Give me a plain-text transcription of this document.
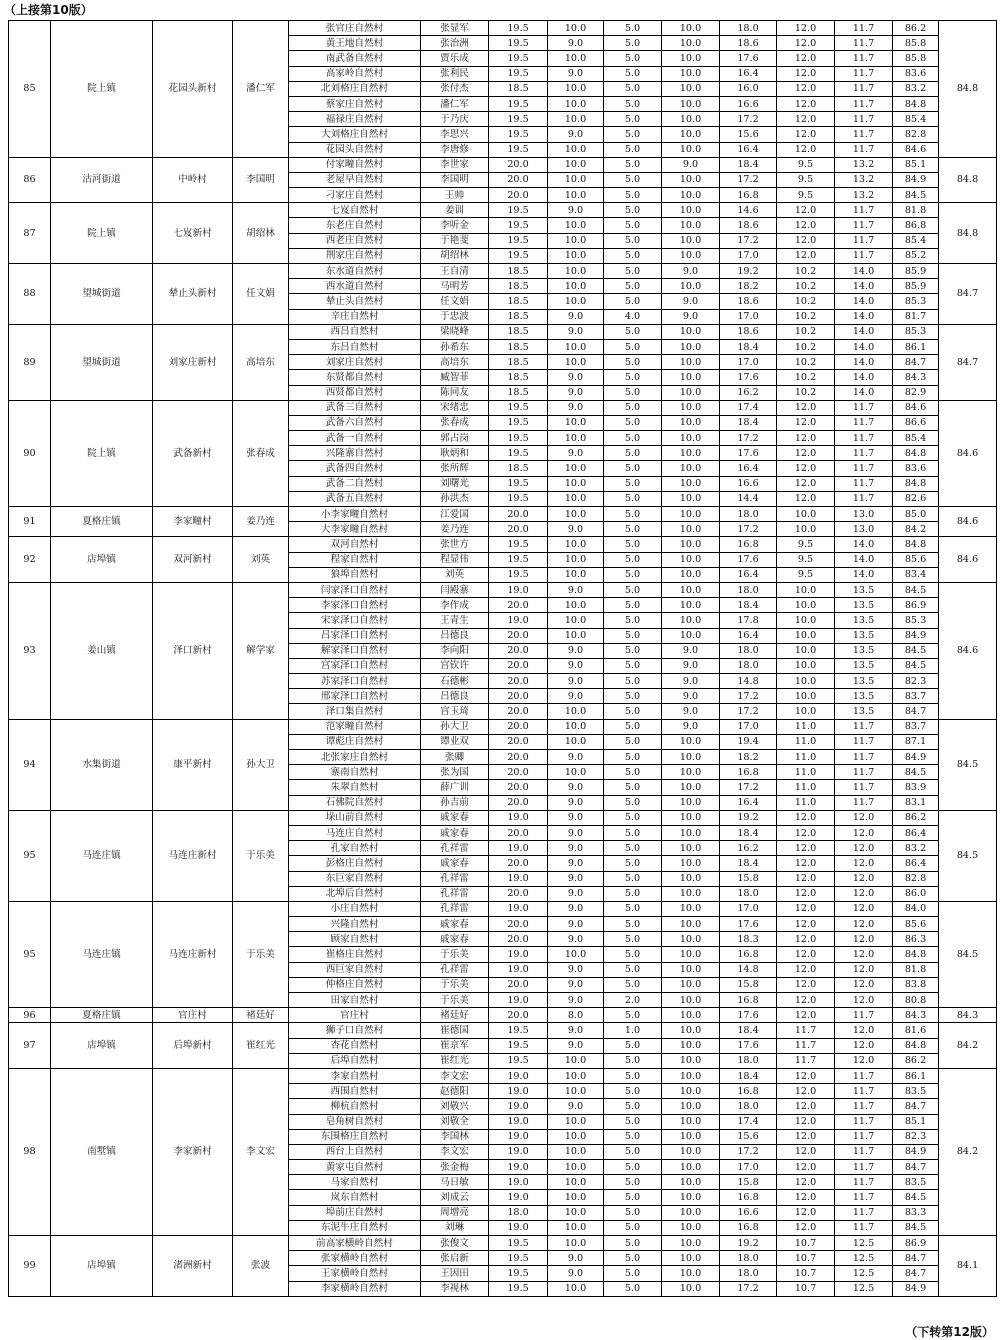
（上接第10版）
85	院上镇	花园头新村	潘仁军	张官庄自然村	张显军	19.5	10.0	5.0	10.0	18.0	12.0	11.7	86.2	84.8
				黄王地自然村	张治洲	19.5	9.0	5.0	10.0	18.6	12.0	11.7	85.8	
				南武备自然村	贾乐成	19.5	10.0	5.0	10.0	17.6	12.0	11.7	85.8	
				高家岭自然村	张利民	19.5	9.0	5.0	10.0	16.4	12.0	11.7	83.6	
				北刘格庄自然村	张付杰	18.5	10.0	5.0	10.0	16.0	12.0	11.7	83.2	
				蔡家庄自然村	潘仁军	19.5	10.0	5.0	10.0	16.6	12.0	11.7	84.8	
				福禄庄自然村	于乃庆	19.5	10.0	5.0	10.0	17.2	12.0	11.7	85.4	
				大刘格庄自然村	李思兴	19.5	9.0	5.0	10.0	15.6	12.0	11.7	82.8	
				花园头自然村	李唐修	19.5	10.0	5.0	10.0	16.4	12.0	11.7	84.6	
86	沽河街道	中岭村	李国明	付家疃自然村	李世家	20.0	10.0	5.0	9.0	18.4	9.5	13.2	85.1	84.8
				老屋早自然村	李国明	20.0	10.0	5.0	10.0	17.2	9.5	13.2	84.9	
				刁家庄自然村	王帅	20.0	10.0	5.0	10.0	16.8	9.5	13.2	84.5	
87	院上镇	七岌新村	胡绍林	七岌自然村	姜训	19.5	9.0	5.0	10.0	14.6	12.0	11.7	81.8	84.8
				东老庄自然村	李听金	19.5	10.0	5.0	10.0	18.6	12.0	11.7	86.8	
				西老庄自然村	于艳斐	19.5	10.0	5.0	10.0	17.2	12.0	11.7	85.4	
				荆家庄自然村	胡绍林	19.5	10.0	5.0	10.0	17.0	12.0	11.7	85.2	
88	望城街道	辇止头新村	任文娟	东水道自然村	王自清	18.5	10.0	5.0	9.0	19.2	10.2	14.0	85.9	84.7
				西水道自然村	马明芳	18.5	10.0	5.0	10.0	18.2	10.2	14.0	85.9	
				辇止头自然村	任文娟	18.5	10.0	5.0	9.0	18.6	10.2	14.0	85.3	
				辛庄自然村	于忠波	18.5	9.0	4.0	9.0	17.0	10.2	14.0	81.7	
89	望城街道	刘家庄新村	高培东	西吕自然村	梁晓峰	18.5	9.0	5.0	10.0	18.6	10.2	14.0	85.3	84.7
				东吕自然村	孙希东	18.5	10.0	5.0	10.0	18.4	10.2	14.0	86.1	
				刘家庄自然村	高培东	18.5	10.0	5.0	10.0	17.0	10.2	14.0	84.7	
				东贤都自然村	臧智菲	18.5	9.0	5.0	10.0	17.6	10.2	14.0	84.3	
				西贤都自然村	陈同友	18.5	9.0	5.0	10.0	16.2	10.2	14.0	82.9	
90	院上镇	武备新村	张春成	武备三自然村	宋绪忠	19.5	9.0	5.0	10.0	17.4	12.0	11.7	84.6	84.6
				武备六自然村	张春成	19.5	10.0	5.0	10.0	18.4	12.0	11.7	86.6	
				武备一自然村	郭占岗	19.5	10.0	5.0	10.0	17.2	12.0	11.7	85.4	
				兴隆寨自然村	耿炳和	19.5	9.0	5.0	10.0	17.6	12.0	11.7	84.8	
				武备四自然村	张所辉	18.5	10.0	5.0	10.0	16.4	12.0	11.7	83.6	
				武备二自然村	刘曙光	19.5	10.0	5.0	10.0	16.6	12.0	11.7	84.8	
				武备五自然村	孙洪杰	19.5	10.0	5.0	10.0	14.4	12.0	11.7	82.6	
91	夏格庄镇	李家疃村	姜乃连	小李家疃自然村	江爱国	20.0	10.0	5.0	10.0	18.0	10.0	13.0	85.0	84.6
				大李家疃自然村	姜乃连	20.0	9.0	5.0	10.0	17.2	10.0	13.0	84.2	
92	店埠镇	双河新村	刘英	双河自然村	张世方	19.5	10.0	5.0	10.0	16.8	9.5	14.0	84.8	84.6
				程家自然村	程显伟	19.5	10.0	5.0	10.0	17.6	9.5	14.0	85.6	
				狼埠自然村	刘英	19.5	10.0	5.0	10.0	16.4	9.5	14.0	83.4	
93	姜山镇	泽口新村	解学家	闫家泽口自然村	闫殿寨	19.0	9.0	5.0	10.0	18.0	10.0	13.5	84.5	84.6
				李家泽口自然村	李作成	20.0	10.0	5.0	10.0	18.4	10.0	13.5	86.9	
				宋家泽口自然村	王青生	19.0	10.0	5.0	10.0	17.8	10.0	13.5	85.3	
				吕家泽口自然村	吕德良	20.0	10.0	5.0	10.0	16.4	10.0	13.5	84.9	
				解家泽口自然村	李向阳	20.0	9.0	5.0	9.0	18.0	10.0	13.5	84.5	
				宫家泽口自然村	宫钦许	20.0	9.0	5.0	9.0	18.0	10.0	13.5	84.5	
				苏家泽口自然村	石德彬	20.0	9.0	5.0	9.0	14.8	10.0	13.5	82.3	
				邢家泽口自然村	吕德良	20.0	9.0	5.0	9.0	17.2	10.0	13.5	83.7	
				泽口集自然村	宫玉琦	20.0	10.0	5.0	9.0	17.2	10.0	13.5	84.7	
94	水集街道	康平新村	孙大卫	范家疃自然村	孙大卫	20.0	10.0	5.0	9.0	17.0	11.0	11.7	83.7	84.5
				谭彪庄自然村	谭业双	20.0	10.0	5.0	10.0	19.4	11.0	11.7	87.1	
				北张家庄自然村	张卿	20.0	9.0	5.0	10.0	18.2	11.0	11.7	84.9	
				寨南自然村	张为国	20.0	10.0	5.0	10.0	16.8	11.0	11.7	84.5	
				朱翠自然村	薛广训	20.0	9.0	5.0	10.0	17.2	11.0	11.7	83.9	
				石佛院自然村	孙吉前	20.0	9.0	5.0	10.0	16.4	11.0	11.7	83.1	
95	马连庄镇	马连庄新村	于乐美	垛山前自然村	戚家春	19.0	9.0	5.0	10.0	19.2	12.0	12.0	86.2	84.5
				马连庄自然村	戚家春	20.0	9.0	5.0	10.0	18.4	12.0	12.0	86.4	
				孔家自然村	孔祥雷	19.0	9.0	5.0	10.0	16.2	12.0	12.0	83.2	
				彭格庄自然村	戚家春	20.0	9.0	5.0	10.0	18.4	12.0	12.0	86.4	
				东巨家自然村	孔祥雷	19.0	9.0	5.0	10.0	15.8	12.0	12.0	82.8	
				北埠后自然村	孔祥雷	20.0	9.0	5.0	10.0	18.0	12.0	12.0	86.0	
95	马连庄镇	马连庄新村	于乐美	小庄自然村	孔祥雷	19.0	9.0	5.0	10.0	17.0	12.0	12.0	84.0	84.5
				兴隆自然村	戚家春	20.0	9.0	5.0	10.0	17.6	12.0	12.0	85.6	
				顾家自然村	戚家春	20.0	9.0	5.0	10.0	18.3	12.0	12.0	86.3	
				崔格庄自然村	于乐美	19.0	10.0	5.0	10.0	16.8	12.0	12.0	84.8	
				西巨家自然村	孔祥雷	19.0	9.0	5.0	10.0	14.8	12.0	12.0	81.8	
				仲格庄自然村	于乐美	20.0	9.0	5.0	10.0	15.8	12.0	12.0	83.8	
				田家自然村	于乐美	19.0	9.0	2.0	10.0	16.8	12.0	12.0	80.8	
96	夏格庄镇	官庄村	褚廷好	官庄村	褚廷好	20.0	8.0	5.0	10.0	17.6	12.0	11.7	84.3	84.3
97	店埠镇	后埠新村	崔红光	狮子口自然村	崔德国	19.5	9.0	1.0	10.0	18.4	11.7	12.0	81.6	84.2
				杏花自然村	崔京军	19.5	9.0	5.0	10.0	17.6	11.7	12.0	84.8	
				后埠自然村	崔红光	19.5	10.0	5.0	10.0	18.0	11.7	12.0	86.2	
98	南墅镇	李家新村	李文宏	李家自然村	李文宏	19.0	10.0	5.0	10.0	18.4	12.0	11.7	86.1	84.2
				西围自然村	赵德阳	19.0	10.0	5.0	10.0	16.8	12.0	11.7	83.5	
				柳杭自然村	刘敬兴	19.0	9.0	5.0	10.0	18.0	12.0	11.7	84.7	
				皂角树自然村	刘敬全	19.0	10.0	5.0	10.0	17.4	12.0	11.7	85.1	
				东围格庄自然村	李国林	19.0	10.0	5.0	10.0	15.6	12.0	11.7	82.3	
				西台上自然村	李文宏	19.0	10.0	5.0	10.0	17.2	12.0	11.7	84.9	
				黄家屯自然村	张金梅	19.0	10.0	5.0	10.0	17.0	12.0	11.7	84.7	
				马家自然村	马日敏	19.0	10.0	5.0	10.0	15.8	12.0	11.7	83.5	
				岚东自然村	刘成云	19.0	10.0	5.0	10.0	16.8	12.0	11.7	84.5	
				埠前庄自然村	周增亮	18.0	10.0	5.0	10.0	16.6	12.0	11.7	83.3	
				东泥牛庄自然村	刘琳	19.0	10.0	5.0	10.0	16.8	12.0	11.7	84.5	
99	店埠镇	渚洲新村	张波	前高家横岭自然村	张俊文	19.5	10.0	5.0	10.0	19.2	10.7	12.5	86.9	84.1
				张家横岭自然村	张启新	19.5	9.0	5.0	10.0	18.0	10.7	12.5	84.7	
				王家横岭自然村	王因田	19.5	9.0	5.0	10.0	18.0	10.7	12.5	84.7	
				李家横岭自然村	李视林	19.5	10.0	5.0	10.0	17.2	10.7	12.5	84.9	
（下转第12版）
